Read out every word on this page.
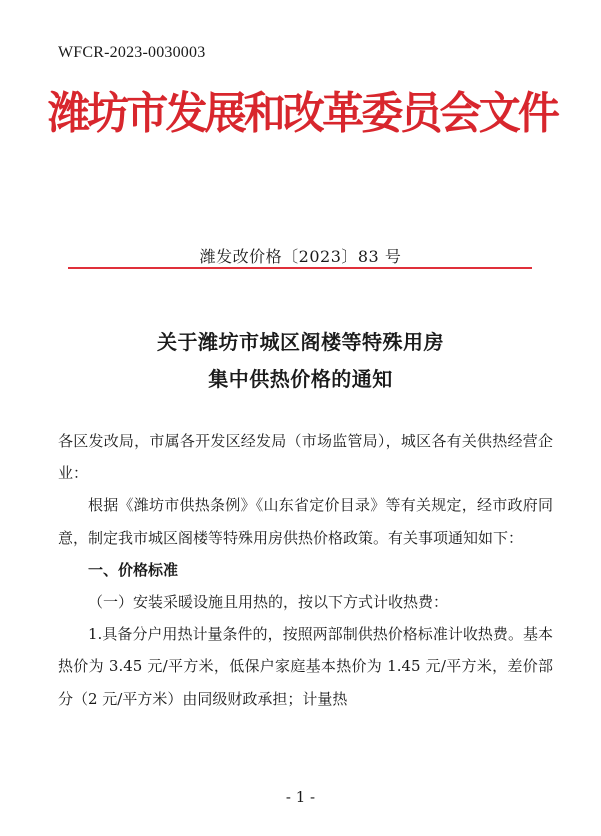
WFCR-2023-0030003
潍坊市发展和改革委员会文件
潍发改价格〔2023〕83 号
关于潍坊市城区阁楼等特殊用房
集中供热价格的通知

各区发改局，市属各开发区经发局（市场监管局），城区各有关供热经营企业：

根据《潍坊市供热条例》《山东省定价目录》等有关规定，经市政府同意，制定我市城区阁楼等特殊用房供热价格政策。有关事项通知如下：

一、价格标准

（一）安装采暖设施且用热的，按以下方式计收热费：

1.具备分户用热计量条件的，按照两部制供热价格标准计收热费。基本热价为 3.45 元/平方米，低保户家庭基本热价为 1.45 元/平方米，差价部分（2 元/平方米）由同级财政承担；计量热

- 1 -
